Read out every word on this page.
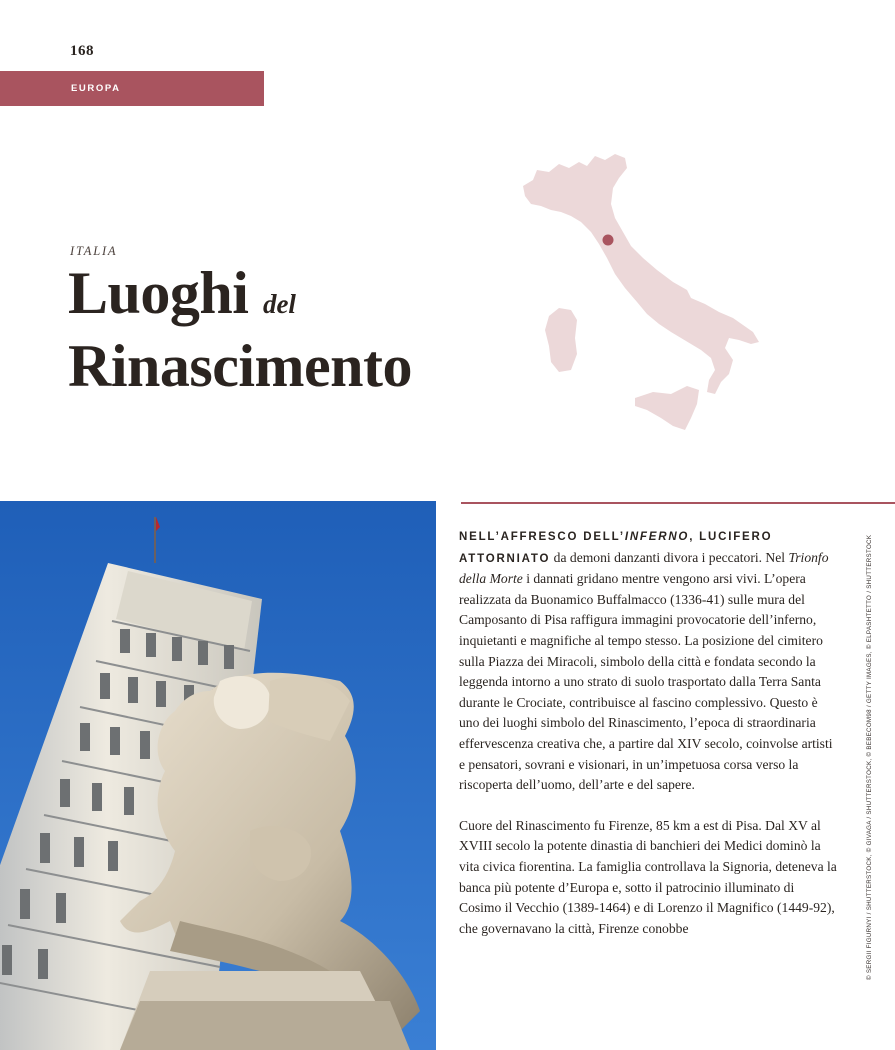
168
EUROPA
ITALIA
Luoghi del
Rinascimento

NELL’AFFRESCO DELL’INFERNO, LUCIFERO ATTORNIATO da demoni danzanti divora i peccatori. Nel Trionfo della Morte i dannati gridano mentre vengono arsi vivi. L’opera realizzata da Buonamico Buffalmacco (1336-41) sulle mura del Camposanto di Pisa raffigura immagini provocatorie dell’inferno, inquietanti e magnifiche al tempo stesso. La posizione del cimitero sulla Piazza dei Miracoli, simbolo della città e fondata secondo la leggenda intorno a uno strato di suolo trasportato dalla Terra Santa durante le Crociate, contribuisce al fascino complessivo. Questo è uno dei luoghi simbolo del Rinascimento, l’epoca di straordinaria effervescenza creativa che, a partire dal XIV secolo, coinvolse artisti e pensatori, sovrani e visionari, in un’impetuosa corsa verso la riscoperta dell’uomo, dell’arte e del sapere.

Cuore del Rinascimento fu Firenze, 85 km a est di Pisa. Dal XV al XVIII secolo la potente dinastia di banchieri dei Medici dominò la vita civica fiorentina. La famiglia controllava la Signoria, deteneva la banca più potente d’Europa e, sotto il patrocinio illuminato di Cosimo il Vecchio (1389-1464) e di Lorenzo il Magnifico (1449-92), che governavano la città, Firenze conobbe	© SERGII FIGURNYI / SHUTTERSTOCK, © GIVAGA / SHUTTERSTOCK, © BEBECOM98 / GETTY IMAGES, © ELPASHTETTO / SHUTTERSTOCK
